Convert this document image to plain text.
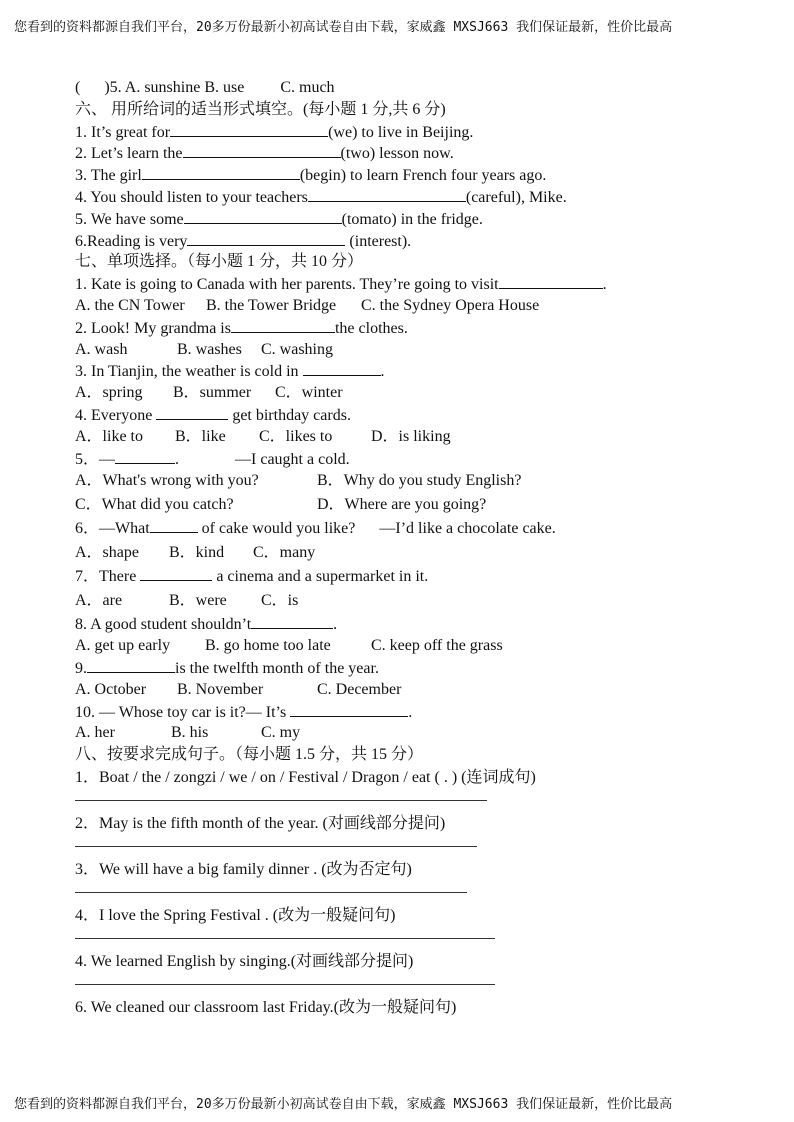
您看到的资料都源自我们平台，20多万份最新小初高试卷自由下载，家威鑫 MXSJ663 我们保证最新，性价比最高
( )5. A. sunshine B. use C. much
六、 用所给词的适当形式填空。(每小题 1 分,共 6 分)
1. It’s great for	(we) to live in Beijing.
2. Let’s learn the	(two) lesson now.
3. The girl	(begin) to learn French four years ago.
4. You should listen to your teachers	(careful), Mike.
5. We have some	(tomato) in the fridge.
6.Reading is very	(interest).
七、单项选择。（每小题 1 分，共 10 分）
1. Kate is going to Canada with her parents. They’re going to visit	.
A. the CN Tower B. the Tower Bridge C. the Sydney Opera House
2. Look! My grandma is	the clothes.
A. wash	B. washes C. washing
3. In Tianjin, the weather is cold in	.
A．spring B．summer C．winter
4. Everyone	get birthday cards.
A．like to B．like C．likes to D．is liking
5．—	.	—I caught a cold.
A．What's wrong with you?	B．Why do you study English?
C．What did you catch?	D．Where are you going?
6．—What	of cake would you like? —I’d like a chocolate cake.
A．shape B．kind C．many
7．There	a cinema and a supermarket in it.
A．are	B．were C．is
8. A good student shouldn’t	.
A. get up early B. go home too late	C. keep off the grass
9.	is the twelfth month of the year.
A. October B. November	C. December
10. — Whose toy car is it?— It’s	.
A. her	B. his	C. my
八、按要求完成句子。（每小题 1.5 分，共 15 分）
1．Boat / the / zongzi / we / on / Festival / Dragon / eat ( . ) (连词成句)
2．May is the fifth month of the year. (对画线部分提问)
3．We will have a big family dinner . (改为否定句)
4．I love the Spring Festival . (改为一般疑问句)
4. We learned English by singing.(对画线部分提问)
6. We cleaned our classroom last Friday.(改为一般疑问句)
您看到的资料都源自我们平台，20多万份最新小初高试卷自由下载，家威鑫 MXSJ663 我们保证最新，性价比最高
